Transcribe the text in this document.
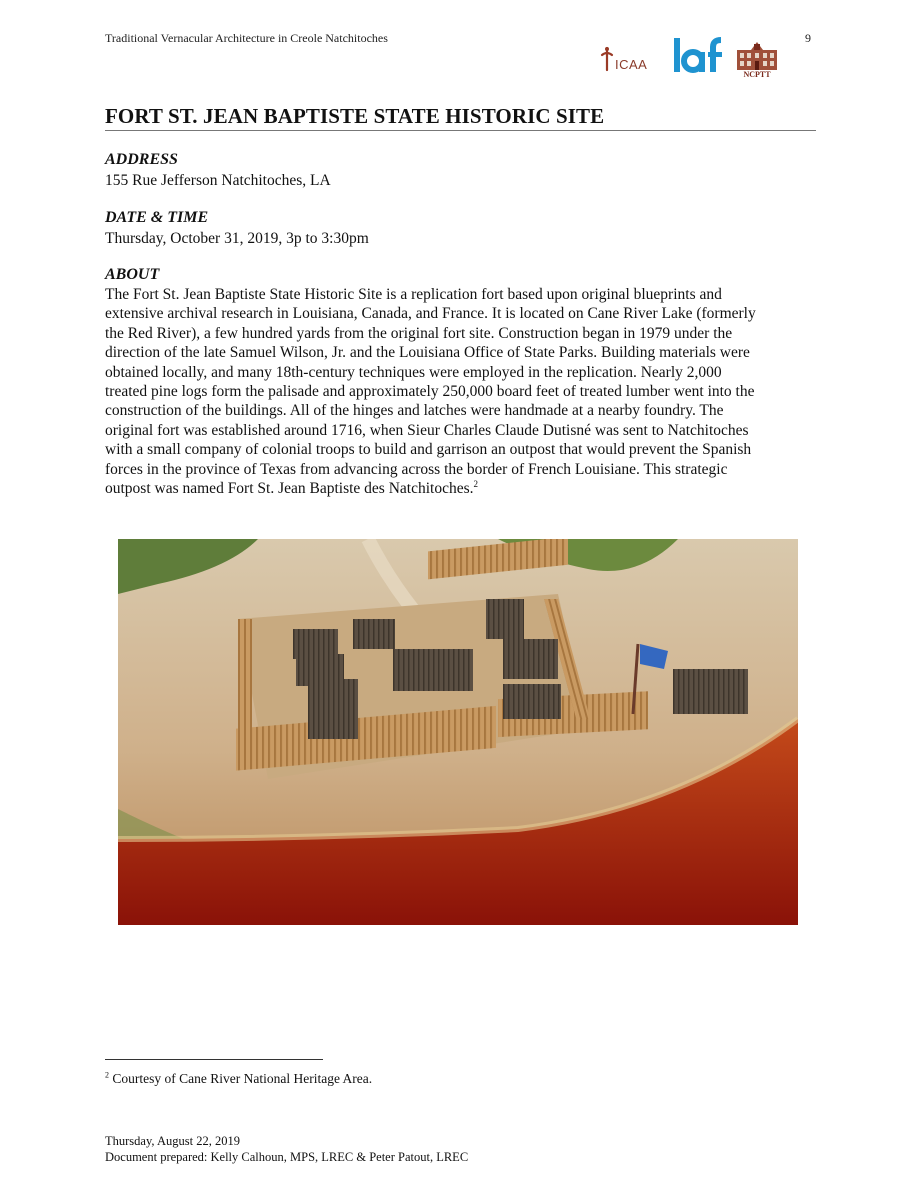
Traditional Vernacular Architecture in Creole Natchitoches	9
ICAA
NCPTT
FORT ST. JEAN BAPTISTE STATE HISTORIC SITE
ADDRESS
155 Rue Jefferson Natchitoches, LA
DATE & TIME
Thursday, October 31, 2019, 3p to 3:30pm
ABOUT

The Fort St. Jean Baptiste State Historic Site is a replication fort based upon original blueprints and
extensive archival research in Louisiana, Canada, and France. It is located on Cane River Lake (formerly
the Red River), a few hundred yards from the original fort site. Construction began in 1979 under the
direction of the late Samuel Wilson, Jr. and the Louisiana Office of State Parks. Building materials were
obtained locally, and many 18th-century techniques were employed in the replication. Nearly 2,000
treated pine logs form the palisade and approximately 250,000 board feet of treated lumber went into the
construction of the buildings. All of the hinges and latches were handmade at a nearby foundry. The
original fort was established around 1716, when Sieur Charles Claude Dutisné was sent to Natchitoches
with a small company of colonial troops to build and garrison an outpost that would prevent the Spanish
forces in the province of Texas from advancing across the border of French Louisiane. This strategic
outpost was named Fort St. Jean Baptiste des Natchitoches.$^2$

$^2$ Courtesy of Cane River National Heritage Area.
Thursday, August 22, 2019
Document prepared: Kelly Calhoun, MPS, LREC & Peter Patout, LREC
